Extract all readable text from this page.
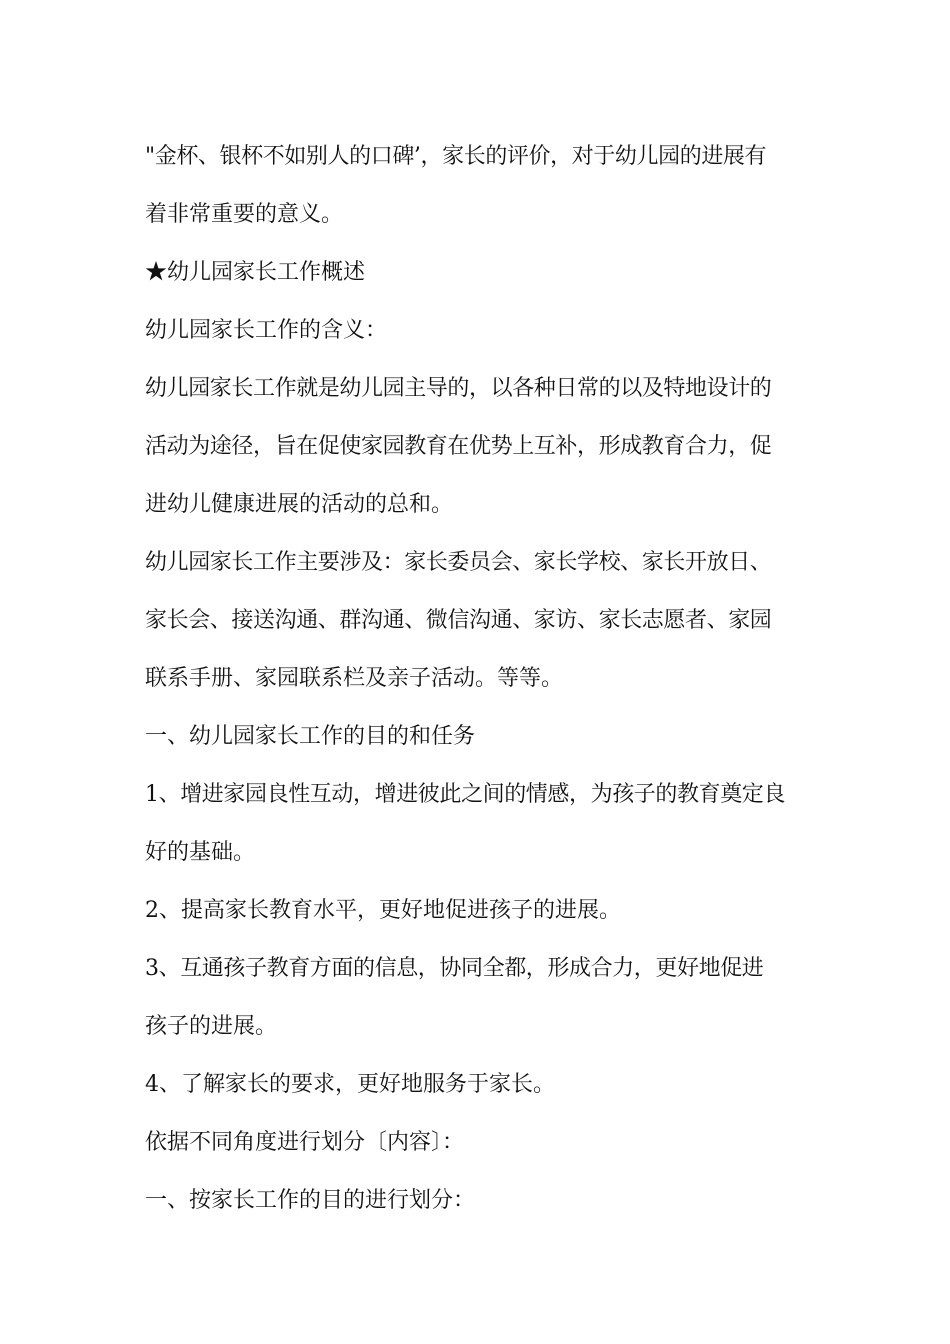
"金杯、银杯不如别人的口碑’，家长的评价，对于幼儿园的进展有
着非常重要的意义。
★幼儿园家长工作概述
幼儿园家长工作的含义：
幼儿园家长工作就是幼儿园主导的，以各种日常的以及特地设计的
活动为途径，旨在促使家园教育在优势上互补，形成教育合力，促
进幼儿健康进展的活动的总和。
幼儿园家长工作主要涉及：家长委员会、家长学校、家长开放日、
家长会、接送沟通、群沟通、微信沟通、家访、家长志愿者、家园
联系手册、家园联系栏及亲子活动。等等。
一、幼儿园家长工作的目的和任务
1、增进家园良性互动，增进彼此之间的情感，为孩子的教育奠定良
好的基础。
2、提高家长教育水平，更好地促进孩子的进展。
3、互通孩子教育方面的信息，协同全都，形成合力，更好地促进
孩子的进展。
4、了解家长的要求，更好地服务于家长。
依据不同角度进行划分〔内容〕：
一、按家长工作的目的进行划分：
